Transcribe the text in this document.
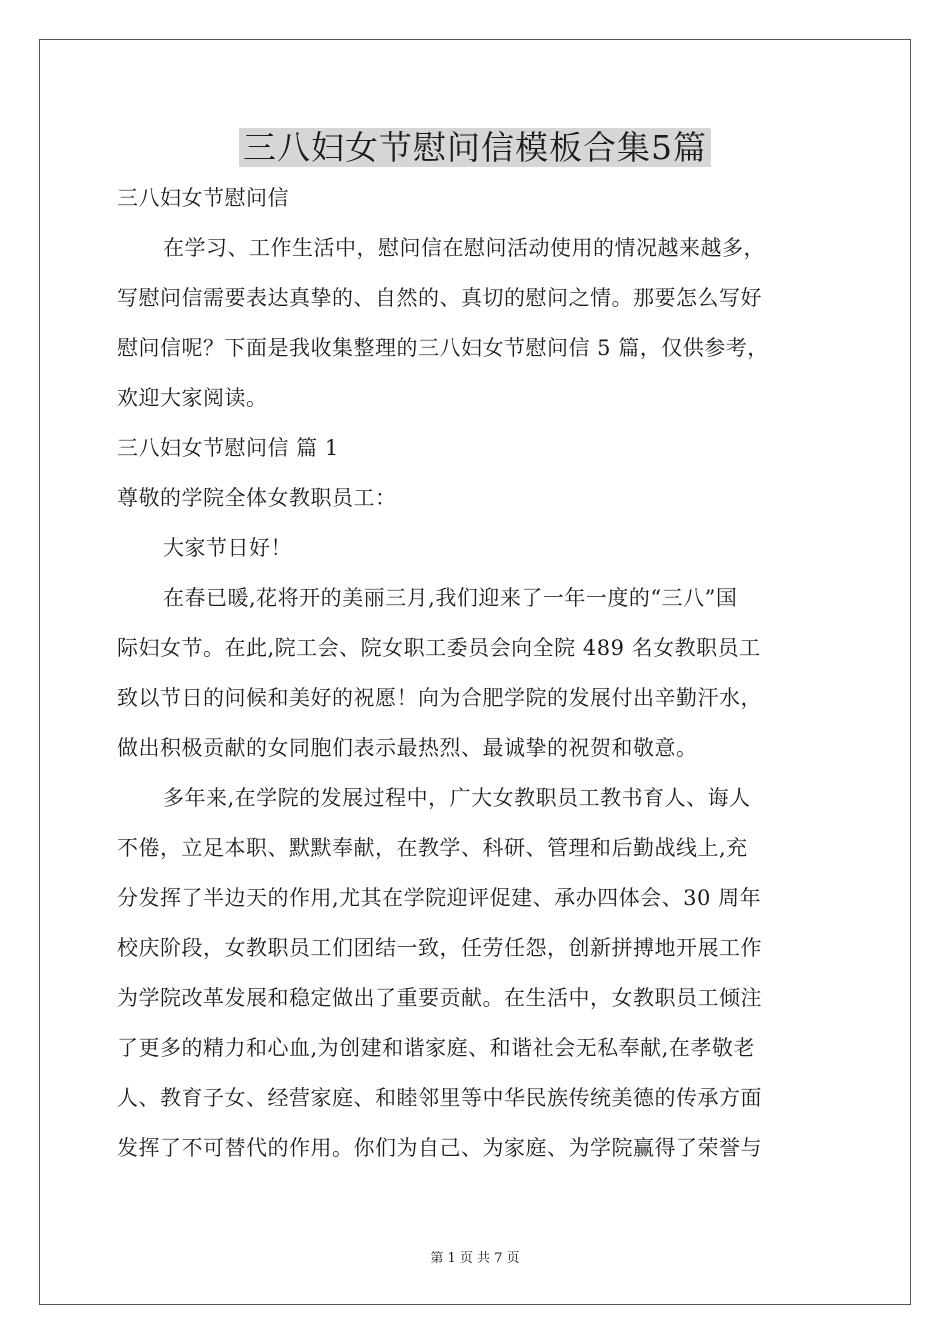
三八妇女节慰问信模板合集5篇

三八妇女节慰问信

在学习、工作生活中，慰问信在慰问活动使用的情况越来越多，

写慰问信需要表达真挚的、自然的、真切的慰问之情。那要怎么写好

慰问信呢？下面是我收集整理的三八妇女节慰问信 5 篇，仅供参考，

欢迎大家阅读。

三八妇女节慰问信 篇 1

尊敬的学院全体女教职员工：

大家节日好！

在春已暖,花将开的美丽三月,我们迎来了一年一度的“三八”国

际妇女节。在此,院工会、院女职工委员会向全院 489 名女教职员工

致以节日的问候和美好的祝愿！向为合肥学院的发展付出辛勤汗水，

做出积极贡献的女同胞们表示最热烈、最诚挚的祝贺和敬意。

多年来,在学院的发展过程中，广大女教职员工教书育人、诲人

不倦，立足本职、默默奉献，在教学、科研、管理和后勤战线上,充

分发挥了半边天的作用,尤其在学院迎评促建、承办四体会、30 周年

校庆阶段，女教职员工们团结一致，任劳任怨，创新拼搏地开展工作

为学院改革发展和稳定做出了重要贡献。在生活中，女教职员工倾注

了更多的精力和心血,为创建和谐家庭、和谐社会无私奉献,在孝敬老

人、教育子女、经营家庭、和睦邻里等中华民族传统美德的传承方面

发挥了不可替代的作用。你们为自己、为家庭、为学院赢得了荣誉与

第 1 页 共 7 页
